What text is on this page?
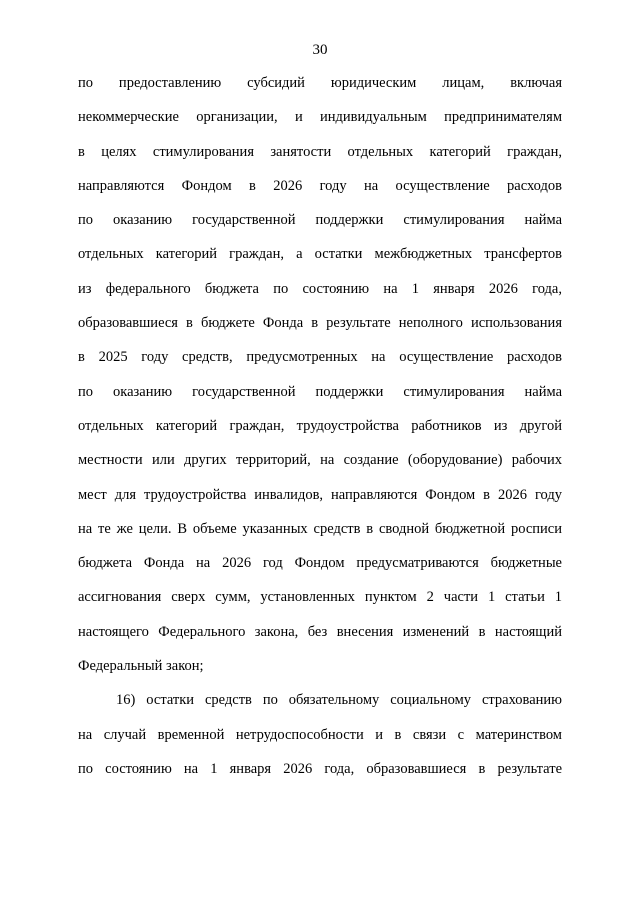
30
по предоставлению субсидий юридическим лицам, включая
некоммерческие организации, и индивидуальным предпринимателям
в целях стимулирования занятости отдельных категорий граждан,
направляются Фондом в 2026 году на осуществление расходов
по оказанию государственной поддержки стимулирования найма
отдельных категорий граждан, а остатки межбюджетных трансфертов
из федерального бюджета по состоянию на 1 января 2026 года,
образовавшиеся в бюджете Фонда в результате неполного использования
в 2025 году средств, предусмотренных на осуществление расходов
по оказанию государственной поддержки стимулирования найма
отдельных категорий граждан, трудоустройства работников из другой
местности или других территорий, на создание (оборудование) рабочих
мест для трудоустройства инвалидов, направляются Фондом в 2026 году
на те же цели. В объеме указанных средств в сводной бюджетной росписи
бюджета Фонда на 2026 год Фондом предусматриваются бюджетные
ассигнования сверх сумм, установленных пунктом 2 части 1 статьи 1
настоящего Федерального закона, без внесения изменений в настоящий
Федеральный закон;
16) остатки средств по обязательному социальному страхованию
на случай временной нетрудоспособности и в связи с материнством
по состоянию на 1 января 2026 года, образовавшиеся в результате
